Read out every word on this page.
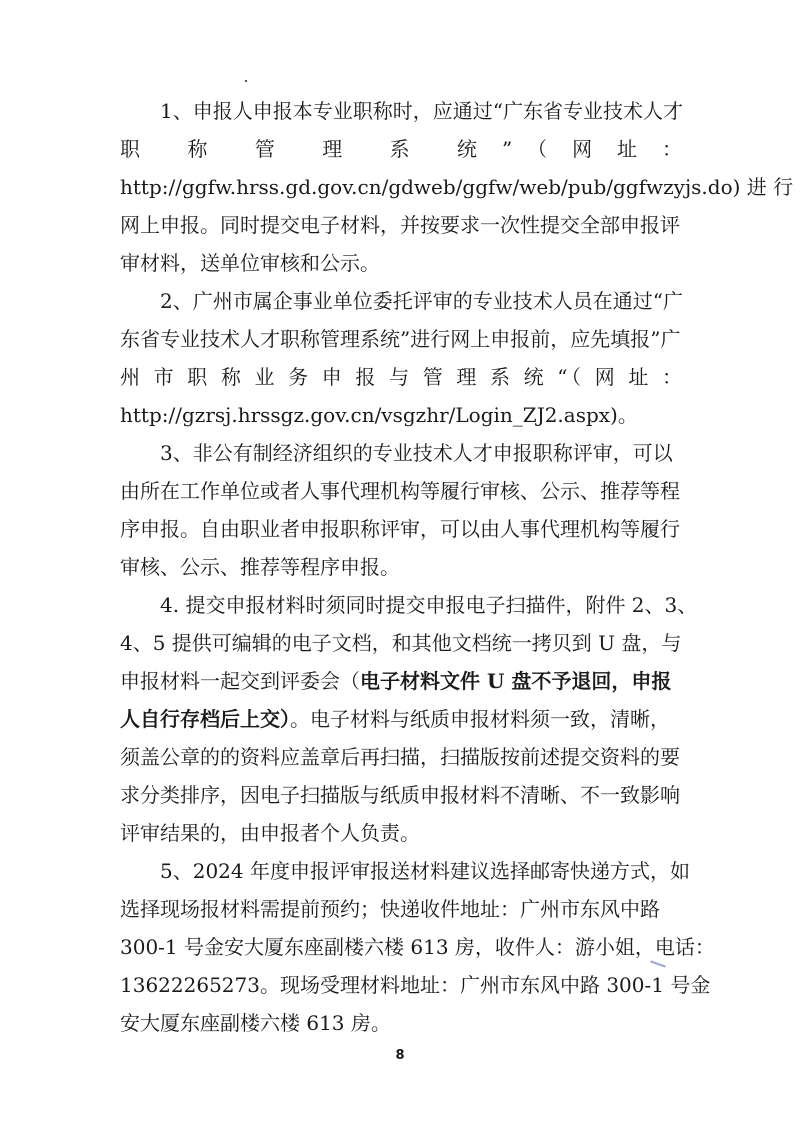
1、申报人申报本专业职称时，应通过“广东省专业技术人才
职　　称　　管　　理　　系　　统　”　（　网　址　：
http://ggfw.hrss.gd.gov.cn/gdweb/ggfw/web/pub/ggfwzyjs.do) 进 行
网上申报。同时提交电子材料，并按要求一次性提交全部申报评
审材料，送单位审核和公示。
2、广州市属企事业单位委托评审的专业技术人员在通过“广
东省专业技术人才职称管理系统”进行网上申报前，应先填报”广
州 市 职 称 业 务 申 报 与 管 理 系 统 “（ 网 址 ：
http://gzrsj.hrssgz.gov.cn/vsgzhr/Login_ZJ2.aspx)。
3、非公有制经济组织的专业技术人才申报职称评审，可以
由所在工作单位或者人事代理机构等履行审核、公示、推荐等程
序申报。自由职业者申报职称评审，可以由人事代理机构等履行
审核、公示、推荐等程序申报。
4. 提交申报材料时须同时提交申报电子扫描件，附件 2、3、
4、5 提供可编辑的电子文档，和其他文档统一拷贝到 U 盘，与
申报材料一起交到评委会（电子材料文件 U 盘不予退回，申报
人自行存档后上交）。电子材料与纸质申报材料须一致，清晰，
须盖公章的的资料应盖章后再扫描，扫描版按前述提交资料的要
求分类排序，因电子扫描版与纸质申报材料不清晰、不一致影响
评审结果的，由申报者个人负责。
5、2024 年度申报评审报送材料建议选择邮寄快递方式，如
选择现场报材料需提前预约；快递收件地址：广州市东风中路
300-1 号金安大厦东座副楼六楼 613 房，收件人：游小姐，电话：
13622265273。现场受理材料地址：广州市东风中路 300-1 号金
安大厦东座副楼六楼 613 房。
8
